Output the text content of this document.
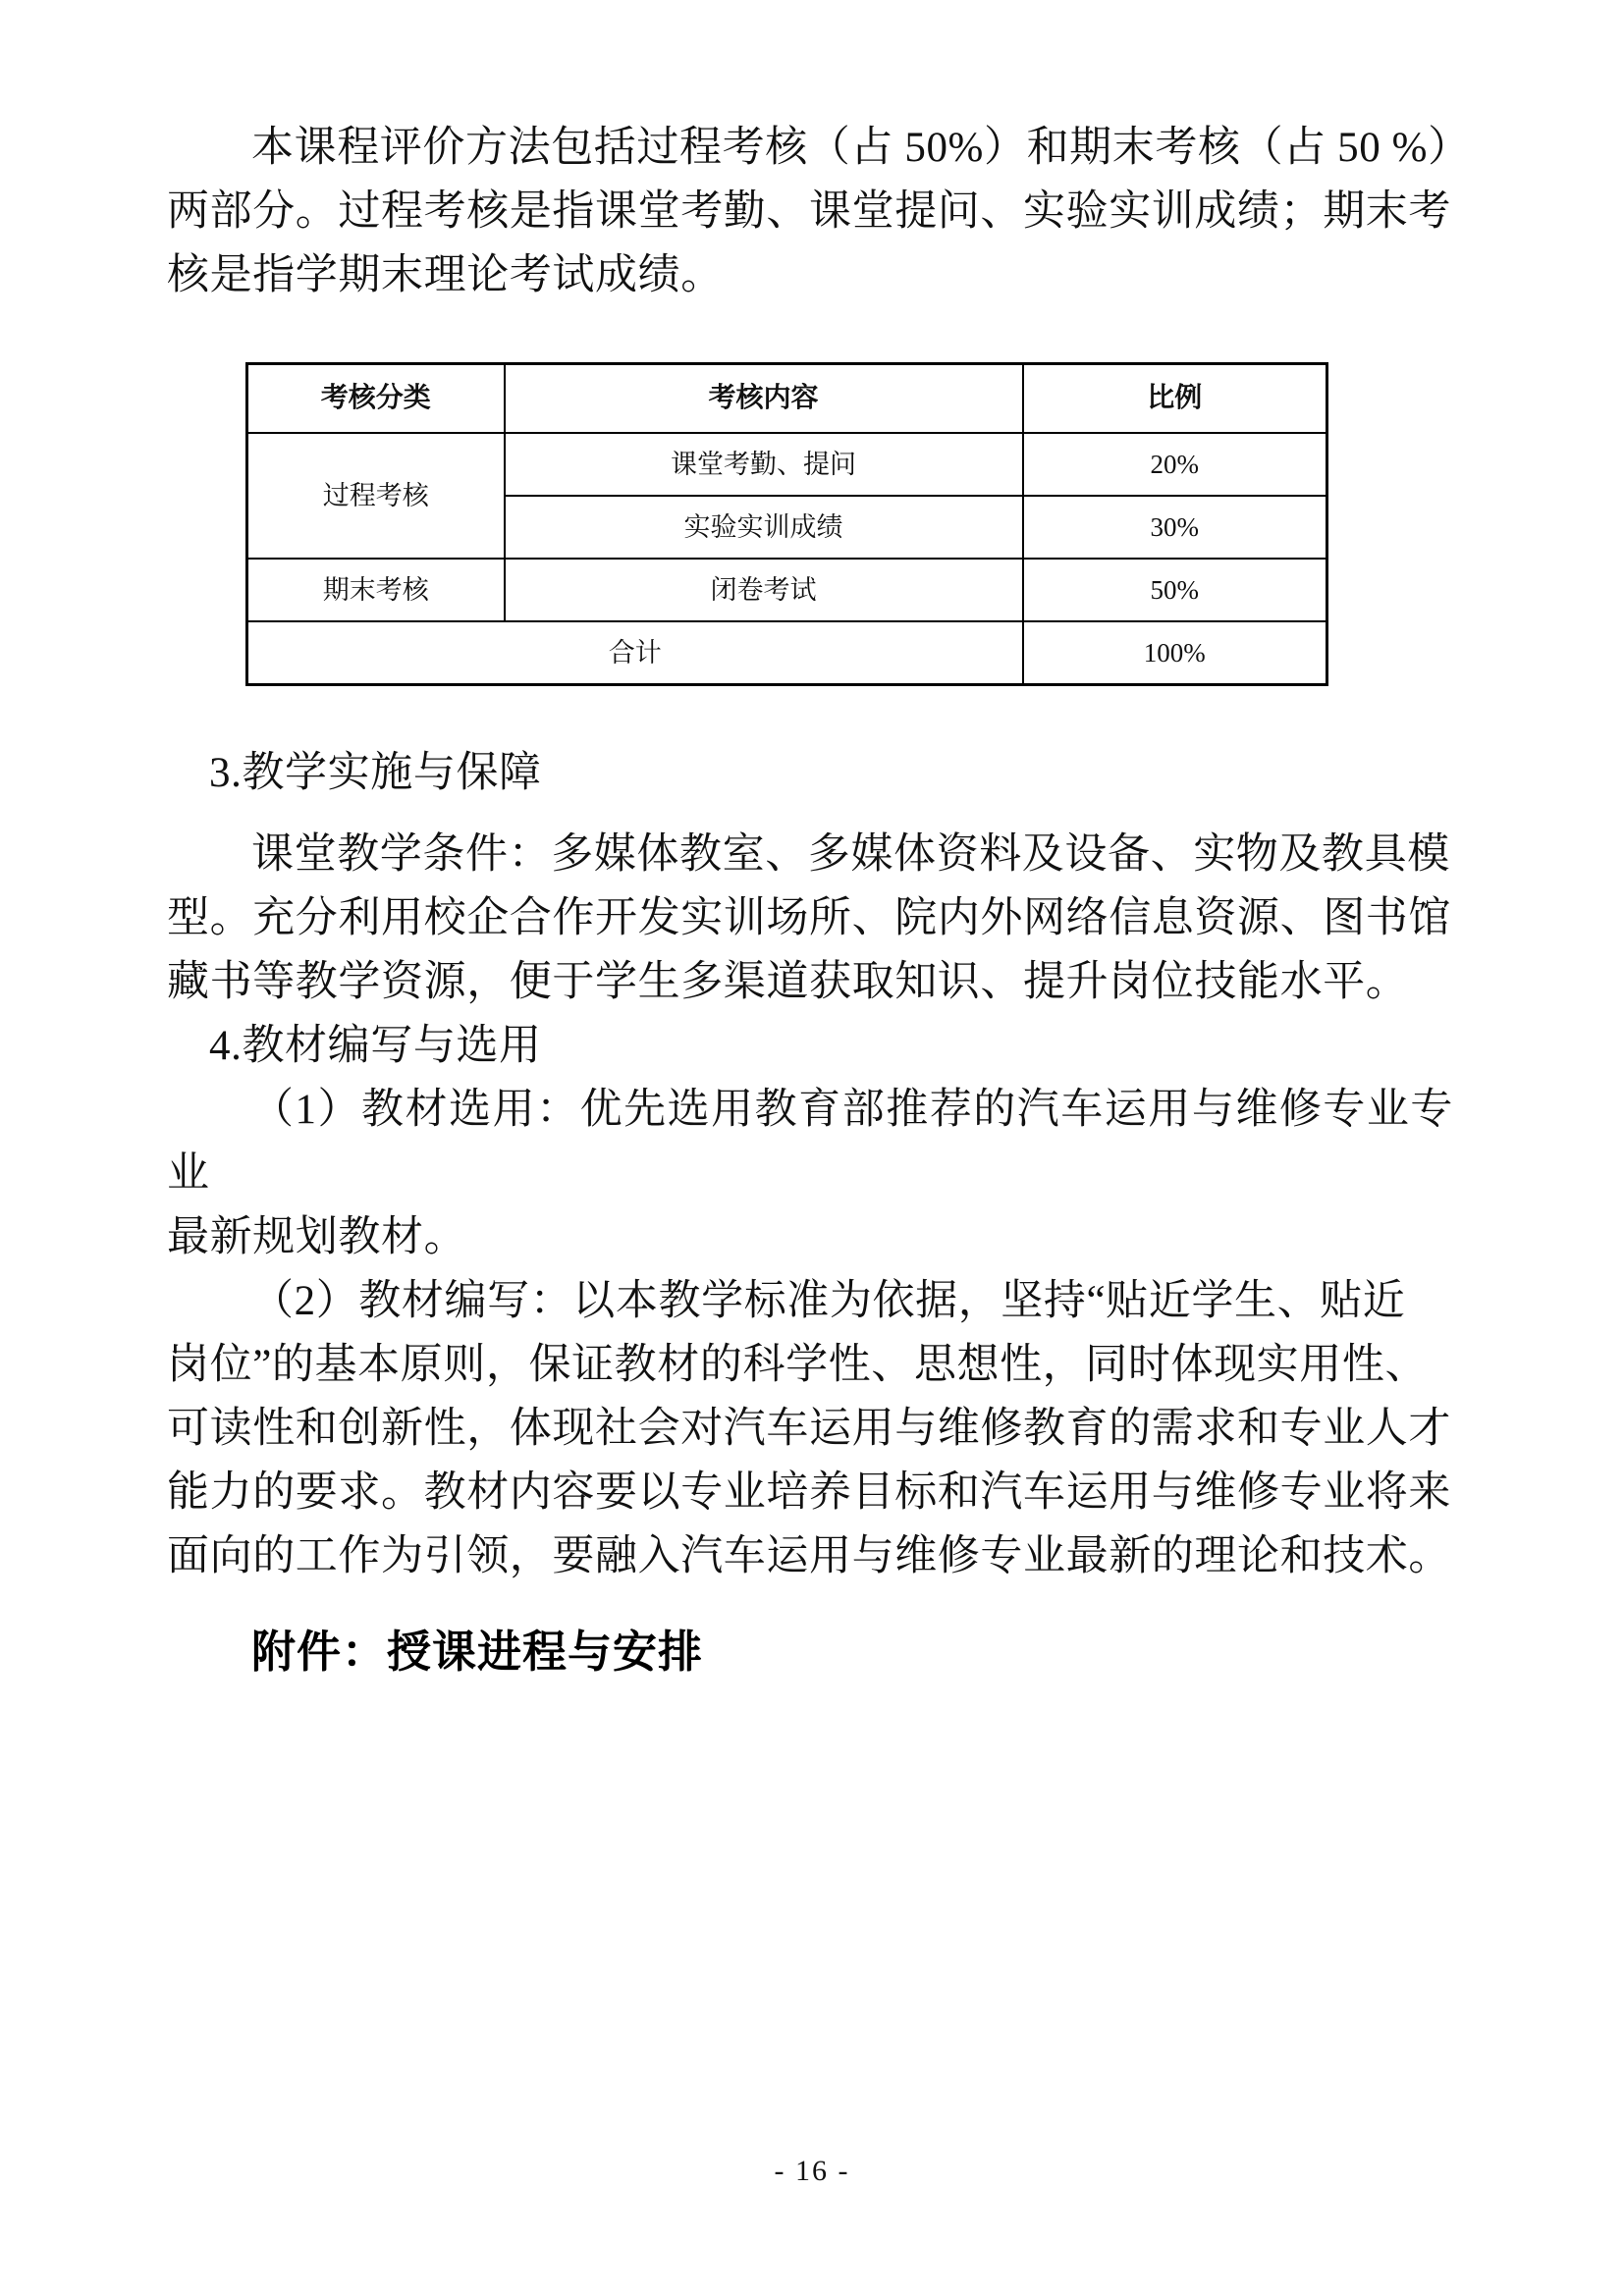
本课程评价方法包括过程考核（占 50%）和期末考核（占 50 %）

两部分。过程考核是指课堂考勤、课堂提问、实验实训成绩；期末考

核是指学期末理论考试成绩。

考核分类	考核内容	比例
过程考核	课堂考勤、提问	20%
	实验实训成绩	30%
期末考核	闭卷考试	50%
合计		100%

3.教学实施与保障

课堂教学条件：多媒体教室、多媒体资料及设备、实物及教具模

型。充分利用校企合作开发实训场所、院内外网络信息资源、图书馆

藏书等教学资源，便于学生多渠道获取知识、提升岗位技能水平。

4.教材编写与选用

（1）教材选用：优先选用教育部推荐的汽车运用与维修专业专业

最新规划教材。

（2）教材编写：以本教学标准为依据，坚持“贴近学生、贴近

岗位”的基本原则，保证教材的科学性、思想性，同时体现实用性、

可读性和创新性，体现社会对汽车运用与维修教育的需求和专业人才

能力的要求。教材内容要以专业培养目标和汽车运用与维修专业将来

面向的工作为引领，要融入汽车运用与维修专业最新的理论和技术。

附件：授课进程与安排

- 16 -
